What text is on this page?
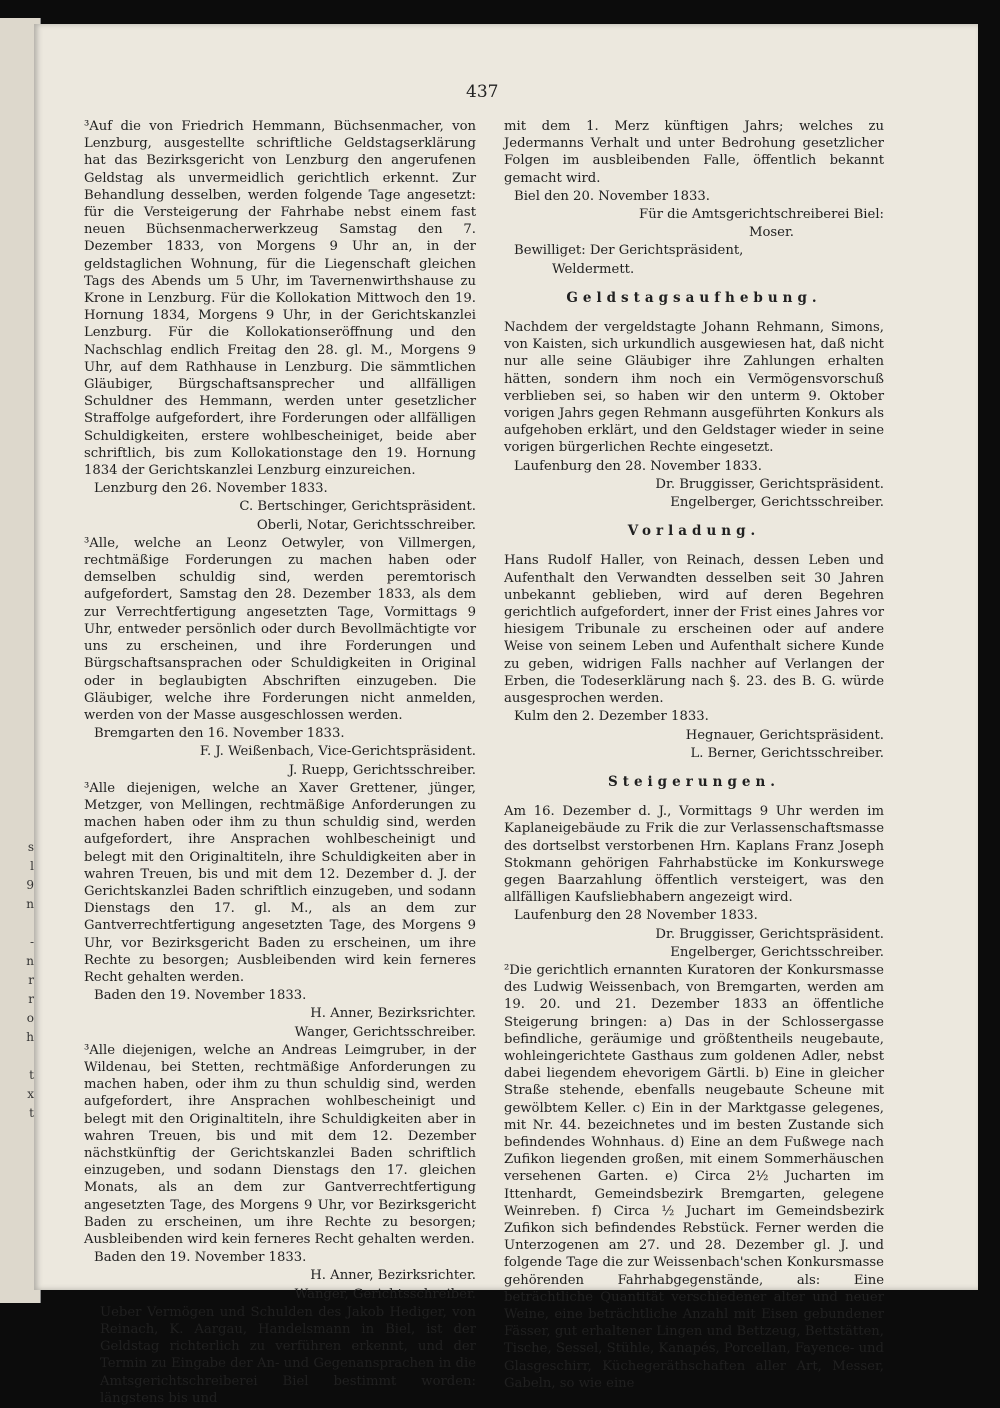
s
l
9
n
-
n
r
r
o
h
t
x
t
437

³Auf die von Friedrich Hemmann, Büchsenmacher, von Lenzburg, ausgestellte schriftliche Geldstagserklärung hat das Bezirksgericht von Lenzburg den angerufenen Geldstag als unvermeidlich gerichtlich erkennt. Zur Behandlung desselben, werden folgende Tage angesetzt: für die Versteigerung der Fahrhabe nebst einem fast neuen Büchsenmacherwerkzeug Samstag den 7. Dezember 1833, von Morgens 9 Uhr an, in der geldstaglichen Wohnung, für die Liegenschaft gleichen Tags des Abends um 5 Uhr, im Tavernenwirthshause zu Krone in Lenzburg. Für die Kollokation Mittwoch den 19. Hornung 1834, Morgens 9 Uhr, in der Gerichtskanzlei Lenzburg. Für die Kollokationseröffnung und den Nachschlag endlich Freitag den 28. gl. M., Morgens 9 Uhr, auf dem Rathhause in Lenzburg. Die sämmtlichen Gläubiger, Bürgschaftsansprecher und allfälligen Schuldner des Hemmann, werden unter gesetzlicher Straffolge aufgefordert, ihre Forderungen oder allfälligen Schuldigkeiten, erstere wohlbescheiniget, beide aber schriftlich, bis zum Kollokationstage den 19. Hornung 1834 der Gerichtskanzlei Lenzburg einzureichen.

Lenzburg den 26. November 1833.

C. Bertschinger, Gerichtspräsident.

Oberli, Notar, Gerichtsschreiber.

³Alle, welche an Leonz Oetwyler, von Villmergen, rechtmäßige Forderungen zu machen haben oder demselben schuldig sind, werden peremtorisch aufgefordert, Samstag den 28. Dezember 1833, als dem zur Verrechtfertigung angesetzten Tage, Vormittags 9 Uhr, entweder persönlich oder durch Bevollmächtigte vor uns zu erscheinen, und ihre Forderungen und Bürgschaftsansprachen oder Schuldigkeiten in Original oder in beglaubigten Abschriften einzugeben. Die Gläubiger, welche ihre Forderungen nicht anmelden, werden von der Masse ausgeschlossen werden.

Bremgarten den 16. November 1833.

F. J. Weißenbach, Vice-Gerichtspräsident.

J. Ruepp, Gerichtsschreiber.

³Alle diejenigen, welche an Xaver Grettener, jünger, Metzger, von Mellingen, rechtmäßige Anforderungen zu machen haben oder ihm zu thun schuldig sind, werden aufgefordert, ihre Ansprachen wohlbescheinigt und belegt mit den Originaltiteln, ihre Schuldigkeiten aber in wahren Treuen, bis und mit dem 12. Dezember d. J. der Gerichtskanzlei Baden schriftlich einzugeben, und sodann Dienstags den 17. gl. M., als an dem zur Gantverrechtfertigung angesetzten Tage, des Morgens 9 Uhr, vor Bezirksgericht Baden zu erscheinen, um ihre Rechte zu besorgen; Ausbleibenden wird kein ferneres Recht gehalten werden.

Baden den 19. November 1833.

H. Anner, Bezirksrichter.

Wanger, Gerichtsschreiber.

³Alle diejenigen, welche an Andreas Leimgruber, in der Wildenau, bei Stetten, rechtmäßige Anforderungen zu machen haben, oder ihm zu thun schuldig sind, werden aufgefordert, ihre Ansprachen wohlbescheinigt und belegt mit den Originaltiteln, ihre Schuldigkeiten aber in wahren Treuen, bis und mit dem 12. Dezember nächstkünftig der Gerichtskanzlei Baden schriftlich einzugeben, und sodann Dienstags den 17. gleichen Monats, als an dem zur Gantverrechtfertigung angesetzten Tage, des Morgens 9 Uhr, vor Bezirksgericht Baden zu erscheinen, um ihre Rechte zu besorgen; Ausbleibenden wird kein ferneres Recht gehalten werden.

Baden den 19. November 1833.

H. Anner, Bezirksrichter.

Wanger, Gerichtsschreiber.

Ueber Vermögen und Schulden des Jakob Hediger, von Reinach, K. Aargau, Handelsmann in Biel, ist der Geldstag richterlich zu verführen erkennt, und der Termin zu Eingabe der An- und Gegenansprachen in die Amtsgerichtschreiberei Biel bestimmt worden: längstens bis und

mit dem 1. Merz künftigen Jahrs; welches zu Jedermanns Verhalt und unter Bedrohung gesetzlicher Folgen im ausbleibenden Falle, öffentlich bekannt gemacht wird.

Biel den 20. November 1833.

Für die Amtsgerichtschreiberei Biel:

Moser.

Bewilliget: Der Gerichtspräsident,

Weldermett.

Geldstagsaufhebung.

Nachdem der vergeldstagte Johann Rehmann, Simons, von Kaisten, sich urkundlich ausgewiesen hat, daß nicht nur alle seine Gläubiger ihre Zahlungen erhalten hätten, sondern ihm noch ein Vermögensvorschuß verblieben sei, so haben wir den unterm 9. Oktober vorigen Jahrs gegen Rehmann ausgeführten Konkurs als aufgehoben erklärt, und den Geldstager wieder in seine vorigen bürgerlichen Rechte eingesetzt.

Laufenburg den 28. November 1833.

Dr. Bruggisser, Gerichtspräsident.

Engelberger, Gerichtsschreiber.

Vorladung.

Hans Rudolf Haller, von Reinach, dessen Leben und Aufenthalt den Verwandten desselben seit 30 Jahren unbekannt geblieben, wird auf deren Begehren gerichtlich aufgefordert, inner der Frist eines Jahres vor hiesigem Tribunale zu erscheinen oder auf andere Weise von seinem Leben und Aufenthalt sichere Kunde zu geben, widrigen Falls nachher auf Verlangen der Erben, die Todeserklärung nach §. 23. des B. G. würde ausgesprochen werden.

Kulm den 2. Dezember 1833.

Hegnauer, Gerichtspräsident.

L. Berner, Gerichtsschreiber.

Steigerungen.

Am 16. Dezember d. J., Vormittags 9 Uhr werden im Kaplaneigebäude zu Frik die zur Verlassenschaftsmasse des dortselbst verstorbenen Hrn. Kaplans Franz Joseph Stokmann gehörigen Fahrhabstücke im Konkurswege gegen Baarzahlung öffentlich versteigert, was den allfälligen Kaufsliebhabern angezeigt wird.

Laufenburg den 28 November 1833.

Dr. Bruggisser, Gerichtspräsident.

Engelberger, Gerichtsschreiber.

²Die gerichtlich ernannten Kuratoren der Konkursmasse des Ludwig Weissenbach, von Bremgarten, werden am 19. 20. und 21. Dezember 1833 an öffentliche Steigerung bringen: a) Das in der Schlossergasse befindliche, geräumige und größtentheils neugebaute, wohleingerichtete Gasthaus zum goldenen Adler, nebst dabei liegendem ehevorigem Gärtli. b) Eine in gleicher Straße stehende, ebenfalls neugebaute Scheune mit gewölbtem Keller. c) Ein in der Marktgasse gelegenes, mit Nr. 44. bezeichnetes und im besten Zustande sich befindendes Wohnhaus. d) Eine an dem Fußwege nach Zufikon liegenden großen, mit einem Sommerhäuschen versehenen Garten. e) Circa 2½ Jucharten im Ittenhardt, Gemeindsbezirk Bremgarten, gelegene Weinreben. f) Circa ½ Juchart im Gemeindsbezirk Zufikon sich befindendes Rebstück. Ferner werden die Unterzogenen am 27. und 28. Dezember gl. J. und folgende Tage die zur Weissenbach'schen Konkursmasse gehörenden Fahrhabgegenstände, als: Eine beträchtliche Quantität verschiedener alter und neuer Weine, eine beträchtliche Anzahl mit Eisen gebundener Fässer, gut erhaltener Lingen und Bettzeug, Bettstätten, Tische, Sessel, Stühle, Kanapés, Porcellan, Fayence- und Glasgeschirr, Küchegeräthschaften aller Art, Messer, Gabeln, so wie eine
